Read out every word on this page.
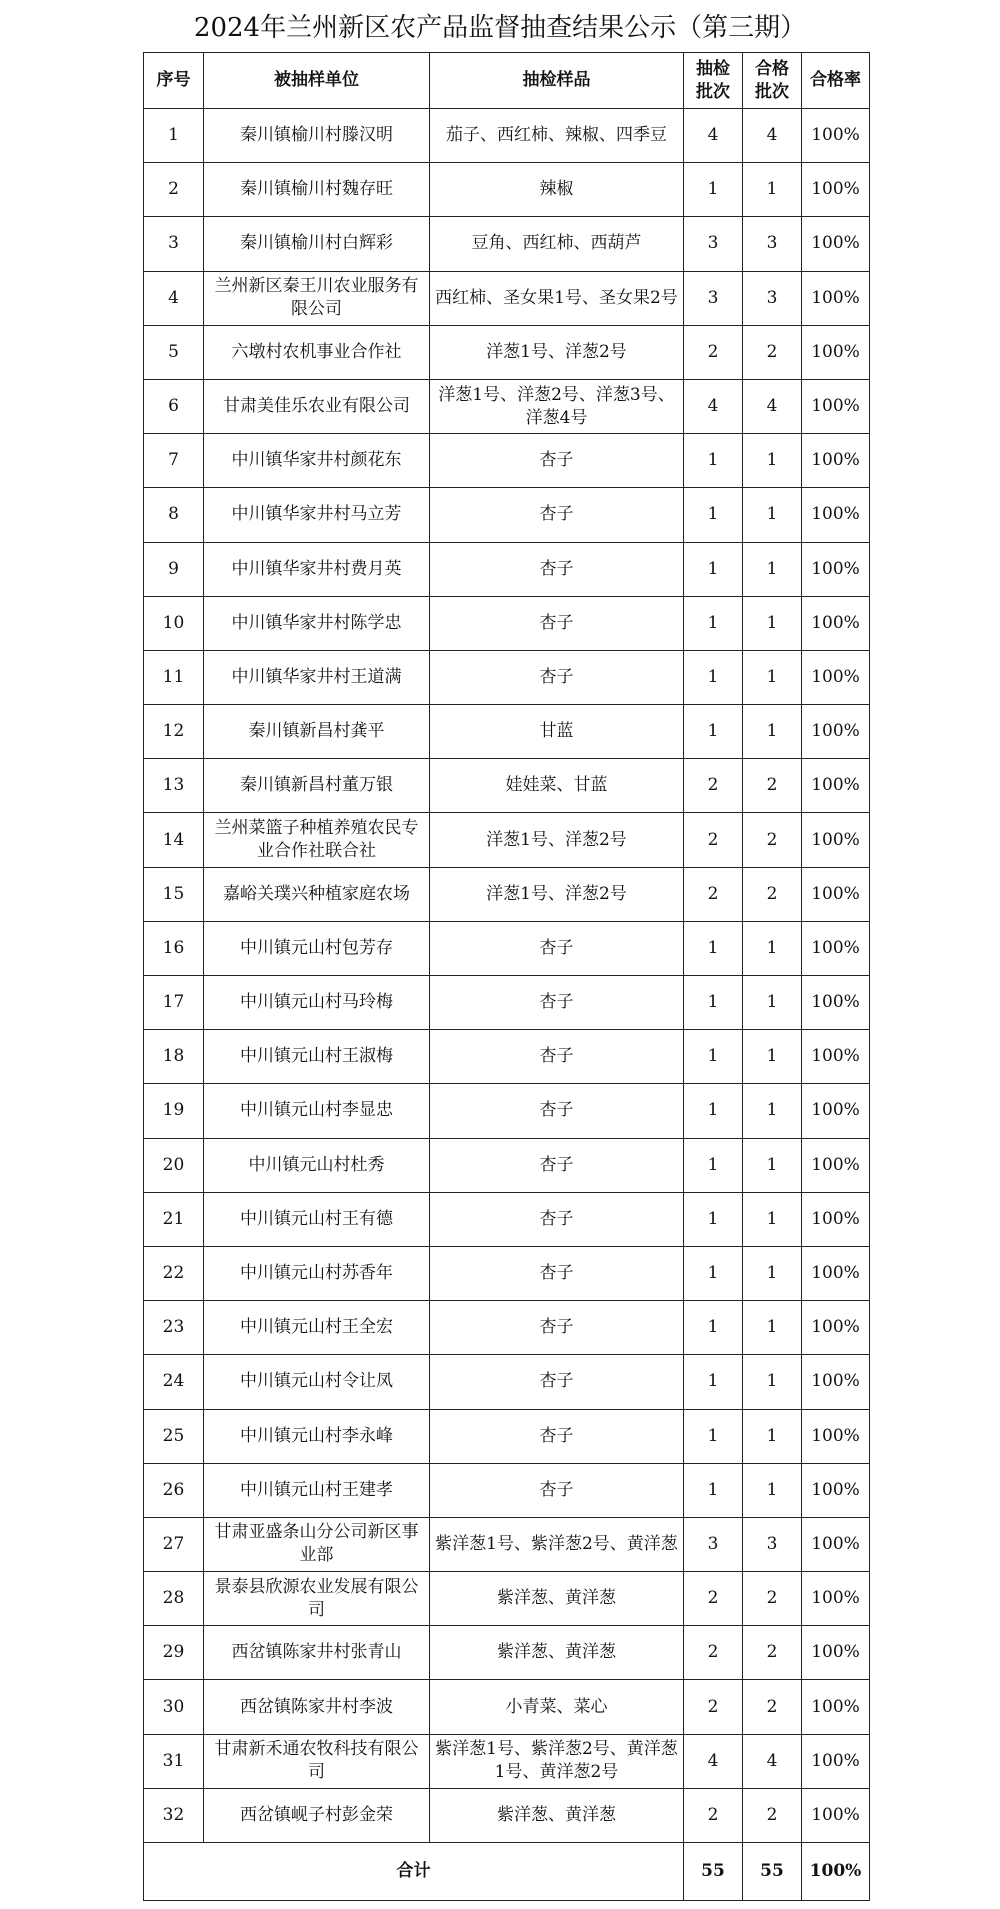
2024年兰州新区农产品监督抽查结果公示（第三期）
序号	被抽样单位	抽检样品	抽检批次	合格批次	合格率
1	秦川镇榆川村滕汉明	茄子、西红柿、辣椒、四季豆	4	4	100%
2	秦川镇榆川村魏存旺	辣椒	1	1	100%
3	秦川镇榆川村白辉彩	豆角、西红柿、西葫芦	3	3	100%
4	兰州新区秦王川农业服务有限公司	西红柿、圣女果1号、圣女果2号	3	3	100%
5	六墩村农机事业合作社	洋葱1号、洋葱2号	2	2	100%
6	甘肃美佳乐农业有限公司	洋葱1号、洋葱2号、洋葱3号、洋葱4号	4	4	100%
7	中川镇华家井村颜花东	杏子	1	1	100%
8	中川镇华家井村马立芳	杏子	1	1	100%
9	中川镇华家井村费月英	杏子	1	1	100%
10	中川镇华家井村陈学忠	杏子	1	1	100%
11	中川镇华家井村王道满	杏子	1	1	100%
12	秦川镇新昌村龚平	甘蓝	1	1	100%
13	秦川镇新昌村董万银	娃娃菜、甘蓝	2	2	100%
14	兰州菜篮子种植养殖农民专业合作社联合社	洋葱1号、洋葱2号	2	2	100%
15	嘉峪关璞兴种植家庭农场	洋葱1号、洋葱2号	2	2	100%
16	中川镇元山村包芳存	杏子	1	1	100%
17	中川镇元山村马玲梅	杏子	1	1	100%
18	中川镇元山村王淑梅	杏子	1	1	100%
19	中川镇元山村李显忠	杏子	1	1	100%
20	中川镇元山村杜秀	杏子	1	1	100%
21	中川镇元山村王有德	杏子	1	1	100%
22	中川镇元山村苏香年	杏子	1	1	100%
23	中川镇元山村王全宏	杏子	1	1	100%
24	中川镇元山村令让凤	杏子	1	1	100%
25	中川镇元山村李永峰	杏子	1	1	100%
26	中川镇元山村王建孝	杏子	1	1	100%
27	甘肃亚盛条山分公司新区事业部	紫洋葱1号、紫洋葱2号、黄洋葱	3	3	100%
28	景泰县欣源农业发展有限公司	紫洋葱、黄洋葱	2	2	100%
29	西岔镇陈家井村张青山	紫洋葱、黄洋葱	2	2	100%
30	西岔镇陈家井村李波	小青菜、菜心	2	2	100%
31	甘肃新禾通农牧科技有限公司	紫洋葱1号、紫洋葱2号、黄洋葱1号、黄洋葱2号	4	4	100%
32	西岔镇岘子村彭金荣	紫洋葱、黄洋葱	2	2	100%
合计			55	55	100%
